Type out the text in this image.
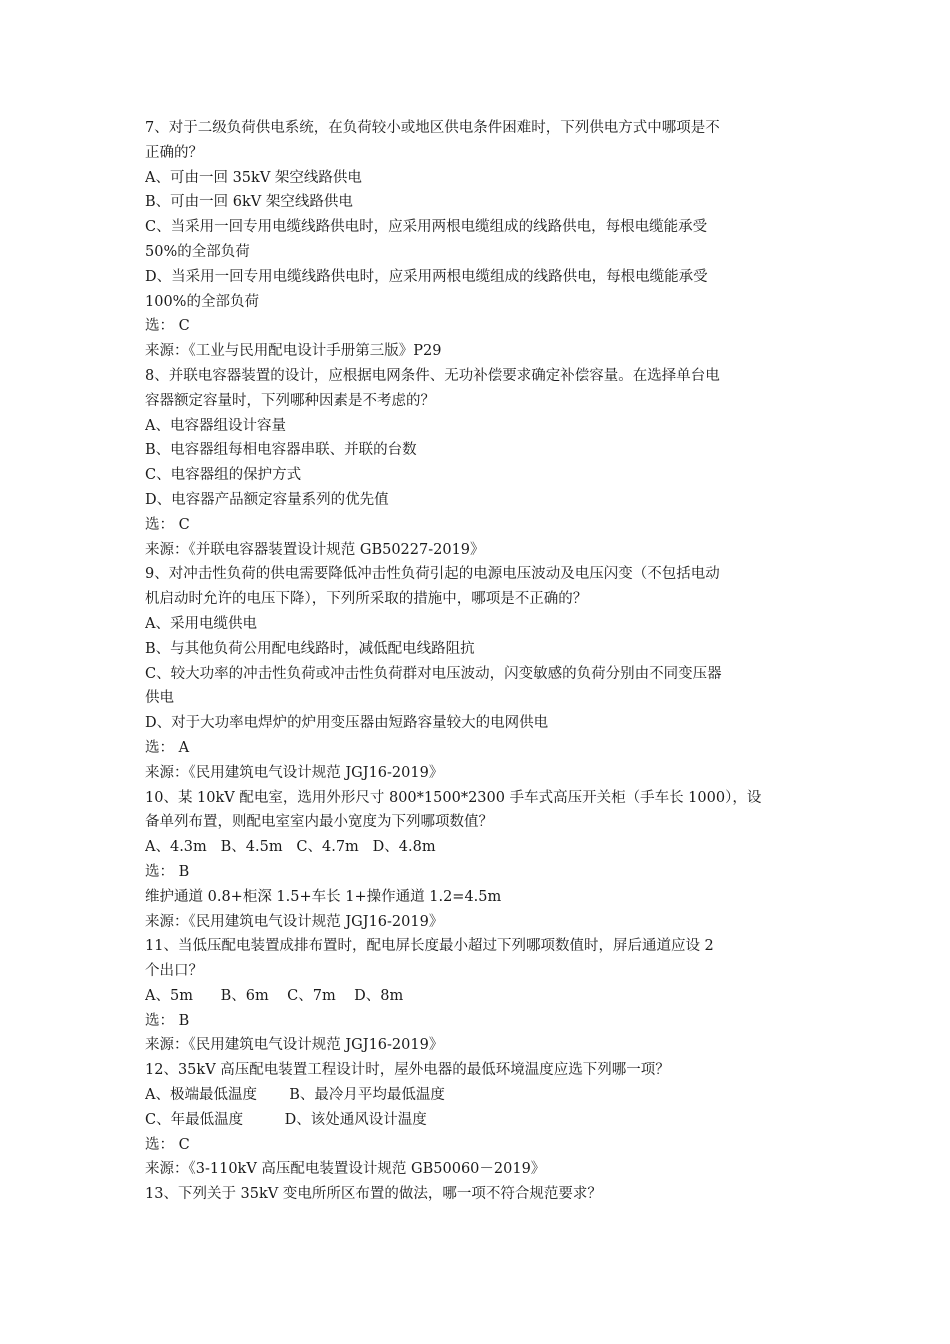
7、对于二级负荷供电系统，在负荷较小或地区供电条件困难时，下列供电方式中哪项是不
正确的？
A、可由一回 35kV 架空线路供电
B、可由一回 6kV 架空线路供电
C、当采用一回专用电缆线路供电时，应采用两根电缆组成的线路供电，每根电缆能承受
50%的全部负荷
D、当采用一回专用电缆线路供电时，应采用两根电缆组成的线路供电，每根电缆能承受
100%的全部负荷
选： C
来源：《工业与民用配电设计手册第三版》P29
8、并联电容器装置的设计，应根据电网条件、无功补偿要求确定补偿容量。在选择单台电
容器额定容量时，下列哪种因素是不考虑的？
A、电容器组设计容量
B、电容器组每相电容器串联、并联的台数
C、电容器组的保护方式
D、电容器产品额定容量系列的优先值
选： C
来源：《并联电容器装置设计规范 GB50227-2019》
9、对冲击性负荷的供电需要降低冲击性负荷引起的电源电压波动及电压闪变（不包括电动
机启动时允许的电压下降），下列所采取的措施中，哪项是不正确的？
A、采用电缆供电
B、与其他负荷公用配电线路时，减低配电线路阻抗
C、较大功率的冲击性负荷或冲击性负荷群对电压波动，闪变敏感的负荷分别由不同变压器
供电
D、对于大功率电焊炉的炉用变压器由短路容量较大的电网供电
选： A
来源：《民用建筑电气设计规范 JGJ16-2019》
10、某 10kV 配电室，选用外形尺寸 800*1500*2300 手车式高压开关柜（手车长 1000），设
备单列布置，则配电室室内最小宽度为下列哪项数值？
A、4.3m   B、4.5m   C、4.7m   D、4.8m
选： B
维护通道 0.8+柜深 1.5+车长 1+操作通道 1.2=4.5m
来源：《民用建筑电气设计规范 JGJ16-2019》
11、当低压配电装置成排布置时，配电屏长度最小超过下列哪项数值时，屏后通道应设 2
个出口？
A、5m      B、6m    C、7m    D、8m
选： B
来源：《民用建筑电气设计规范 JGJ16-2019》
12、35kV 高压配电装置工程设计时，屋外电器的最低环境温度应选下列哪一项？
A、极端最低温度       B、最冷月平均最低温度
C、年最低温度         D、该处通风设计温度
选： C
来源：《3-110kV 高压配电装置设计规范 GB50060－2019》
13、下列关于 35kV 变电所所区布置的做法，哪一项不符合规范要求？
